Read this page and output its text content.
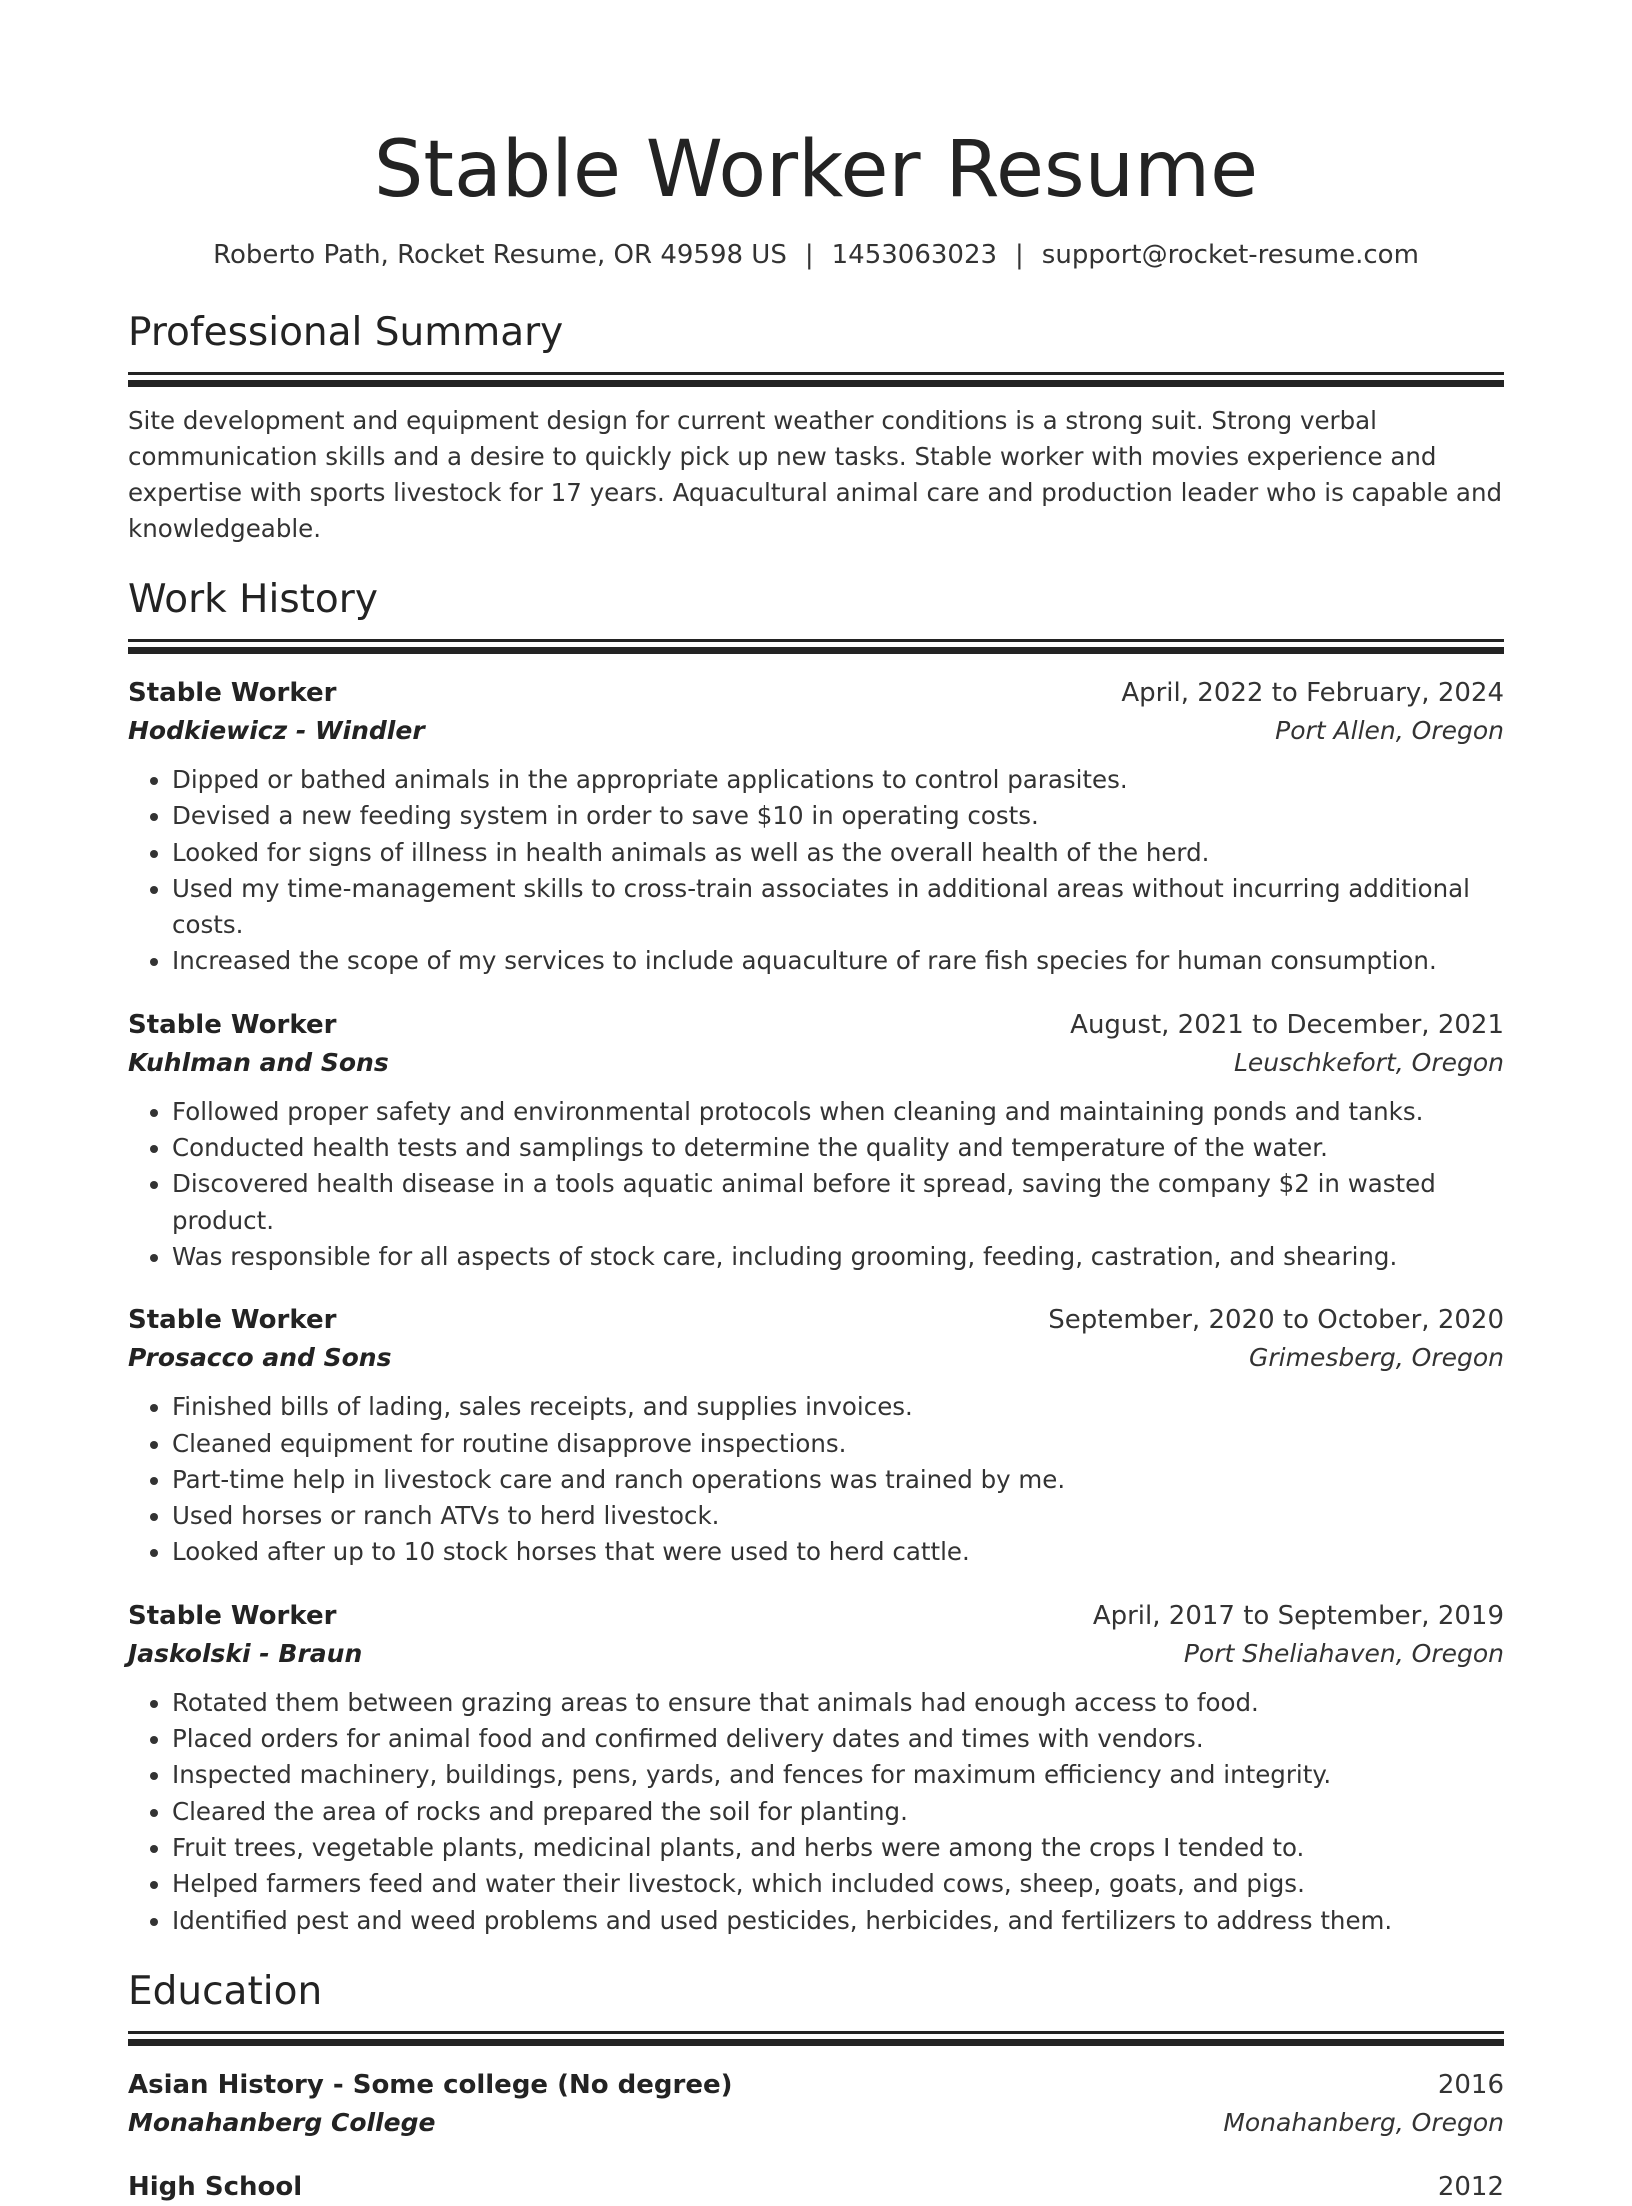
Stable Worker Resume
Roberto Path, Rocket Resume, OR 49598 US | 1453063023 | support@rocket-resume.com
Professional Summary
Site development and equipment design for current weather conditions is a strong suit. Strong verbal communication skills and a desire to quickly pick up new tasks. Stable worker with movies experience and expertise with sports livestock for 17 years. Aquacultural animal care and production leader who is capable and knowledgeable.
Work History
Stable Worker	April, 2022 to February, 2024
Hodkiewicz - Windler	Port Allen, Oregon
• Dipped or bathed animals in the appropriate applications to control parasites.
• Devised a new feeding system in order to save $10 in operating costs.
• Looked for signs of illness in health animals as well as the overall health of the herd.
• Used my time-management skills to cross-train associates in additional areas without incurring additional costs.
• Increased the scope of my services to include aquaculture of rare fish species for human consumption.
Stable Worker	August, 2021 to December, 2021
Kuhlman and Sons	Leuschkefort, Oregon
• Followed proper safety and environmental protocols when cleaning and maintaining ponds and tanks.
• Conducted health tests and samplings to determine the quality and temperature of the water.
• Discovered health disease in a tools aquatic animal before it spread, saving the company $2 in wasted product.
• Was responsible for all aspects of stock care, including grooming, feeding, castration, and shearing.
Stable Worker	September, 2020 to October, 2020
Prosacco and Sons	Grimesberg, Oregon
• Finished bills of lading, sales receipts, and supplies invoices.
• Cleaned equipment for routine disapprove inspections.
• Part-time help in livestock care and ranch operations was trained by me.
• Used horses or ranch ATVs to herd livestock.
• Looked after up to 10 stock horses that were used to herd cattle.
Stable Worker	April, 2017 to September, 2019
Jaskolski - Braun	Port Sheliahaven, Oregon
• Rotated them between grazing areas to ensure that animals had enough access to food.
• Placed orders for animal food and confirmed delivery dates and times with vendors.
• Inspected machinery, buildings, pens, yards, and fences for maximum efficiency and integrity.
• Cleared the area of rocks and prepared the soil for planting.
• Fruit trees, vegetable plants, medicinal plants, and herbs were among the crops I tended to.
• Helped farmers feed and water their livestock, which included cows, sheep, goats, and pigs.
• Identified pest and weed problems and used pesticides, herbicides, and fertilizers to address them.
Education
Asian History - Some college (No degree)	2016
Monahanberg College	Monahanberg, Oregon
High School	2012
